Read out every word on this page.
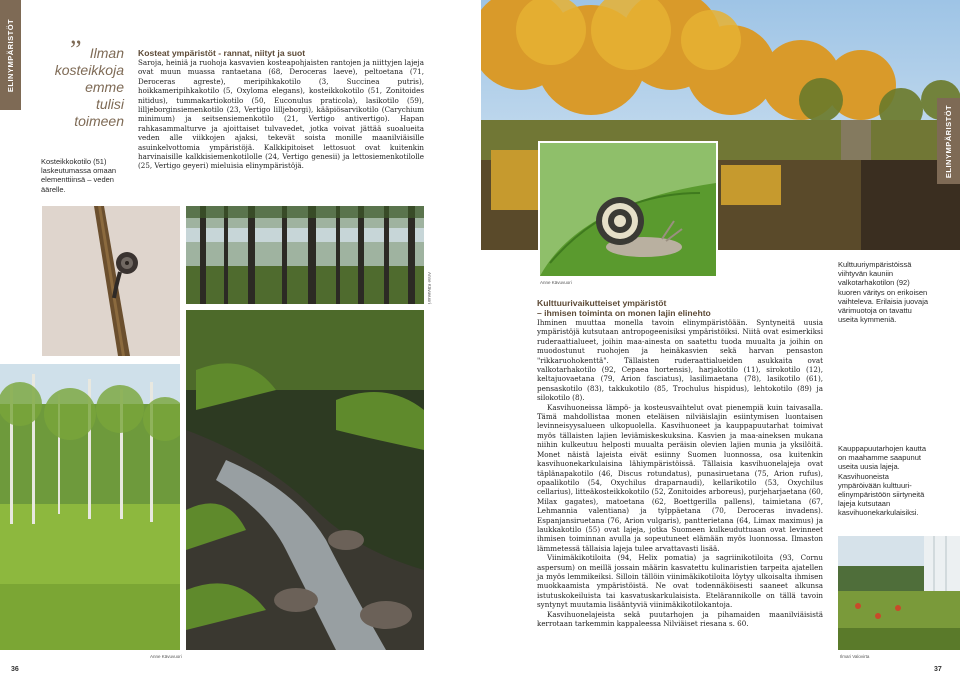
ELINYMPÄRISTÖT ” Ilman kosteikkoja emme tulisi toimeen
Kosteikkokotilo (51) laskeutumassa omaan elementtiinsä – veden äärelle.
Kosteat ympäristöt - rannat, niityt ja suot
Saroja, heiniä ja ruohoja kasvavien kosteapohjaisten rantojen ja niittyjen lajeja ovat muun muassa rantaetana (68, Deroceras laeve), peltoetana (71, Deroceras agreste), meripihkakotilo (3, Succinea putris), hoikkameripihkakotilo (5, Oxyloma elegans), kosteikkokotilo (51, Zonitoides nitidus), tummakartiokotilo (50, Euconulus praticola), lasikotilo (59), lilljeborginsiemenkotilo (23, Vertigo lilljeborgi), kääpiösarvikotilo (Carychium minimum) ja seitsensiemenkotilo (21, Vertigo antivertigo). Hapan rahkasammalturve ja ajoittaiset tulvavedet, jotka voivat jättää suoalueita veden alle viikkojen ajaksi, tekevät soista monille maanilviäisille asuinkelvottomia ympäristöjä. Kalkkipitoiset lettosuot ovat kuitenkin harvinaisille kalkkisiemenkotilolle (24, Vertigo genesii) ja lettosiemenkotilolle (25, Vertigo geyeri) mieluisia elinympäristöjä.
Anne Kävuvuori
Anne Kävuvuori
36
ELINYMPÄRISTÖT
Anne Kävuvuori
Kulttuuriympäristöissä viihtyvän kauniin valkotarhakotilon (92) kuoren väritys on erikoisen vaihteleva. Erilaisia juovaja värimuotoja on tavattu useita kymmeniä.
Kulttuurivaikutteiset ympäristöt
– ihmisen toiminta on monen lajin elinehto

Ihminen muuttaa monella tavoin elinympäristöään. Syntyneitä uusia ympäristöjä kutsutaan antropogeenisiksi ympäristöiksi. Niitä ovat esimerkiksi ruderaattialueet, joihin maa-ainesta on saatettu tuoda muualta ja joihin on muodostunut ruohojen ja heinäkasvien sekä harvan pensaston "rikkaruohokenttä". Tällaisten ruderaattialueiden asukkaita ovat valkotarhakotilo (92, Cepaea hortensis), harjakotilo (11), sirokotilo (12), keltajuovaetana (79, Arion fasciatus), lasilimaetana (78), lasikotilo (61), pensaskotilo (83), takkukotilo (85, Trochulus hispidus), lehtokotilo (89) ja silokotilo (8).

Kasvihuoneissa lämpö- ja kosteusvaihtelut ovat pienempiä kuin taivasalla. Tämä mahdollistaa monen eteläisen nilviäislajin esiintymisen luontaisen levinneisyysalueen ulkopuolella. Kasvihuoneet ja kauppapuutarhat toimivat myös tällaisten lajien leviämiskeskuksina. Kasvien ja maa-aineksen mukana niihin kulkeutuu helposti muualta peräisin olevien lajien munia ja yksilöitä. Monet näistä lajeista eivät esiinny Suomen luonnossa, osa kuitenkin kasvihuonekarkulaisina lähiympäristöissä. Tällaisia kasvihuonelajeja ovat täplänapakotilo (46, Discus rotundatus), punasiruetana (75, Arion rufus), opaalikotilo (54, Oxychilus draparnaudi), kellarikotilo (53, Oxychilus cellarius), litteäkosteikkokotilo (52, Zonitoides arboreus), purjeharjaetana (60, Milax gagates), matoetana (62, Boettgerilla pallens), taimietana (67, Lehmannia valentiana) ja tylppäetana (70, Deroceras invadens). Espanjansiruetana (76, Arion vulgaris), pantterietana (64, Limax maximus) ja laukkakotilo (55) ovat lajeja, jotka Suomeen kulkeuduttuaan ovat levinneet ihmisen toiminnan avulla ja sopeutuneet elämään myös luonnossa. Ilmaston lämmetessä tällaisia lajeja tulee arvattavasti lisää.

Viinimäkikotiloita (94, Helix pomatia) ja sagriinikotiloita (93, Cornu aspersum) on meillä jossain määrin kasvatettu kulinaristien tarpeita ajatellen ja myös lemmikeiksi. Silloin tällöin viinimäkikotiloita löytyy ulkoisalta ihmisen muokkaamista ympäristöistä. Ne ovat todennäköisesti saaneet alkunsa istutuskokeiluista tai kasvatuskarkulaisista. Etelärannikolle on tällä tavoin syntynyt muutamia lisääntyviä viinimäkikotilokantoja.

Kasvihuonelajeista sekä puutarhojen ja pihamaiden maanilviäisistä kerrotaan tarkemmin kappaleessa Nilviäiset riesana s. 60.

Kauppapuutarhojen kautta on maahamme saapunut useita uusia lajeja. Kasvihuoneista ympäröivään kulttuuri-elinympäristöön siirtyneitä lajeja kutsutaan kasvihuonekarkulaisiksi.
Ilmari Valovirta
37
